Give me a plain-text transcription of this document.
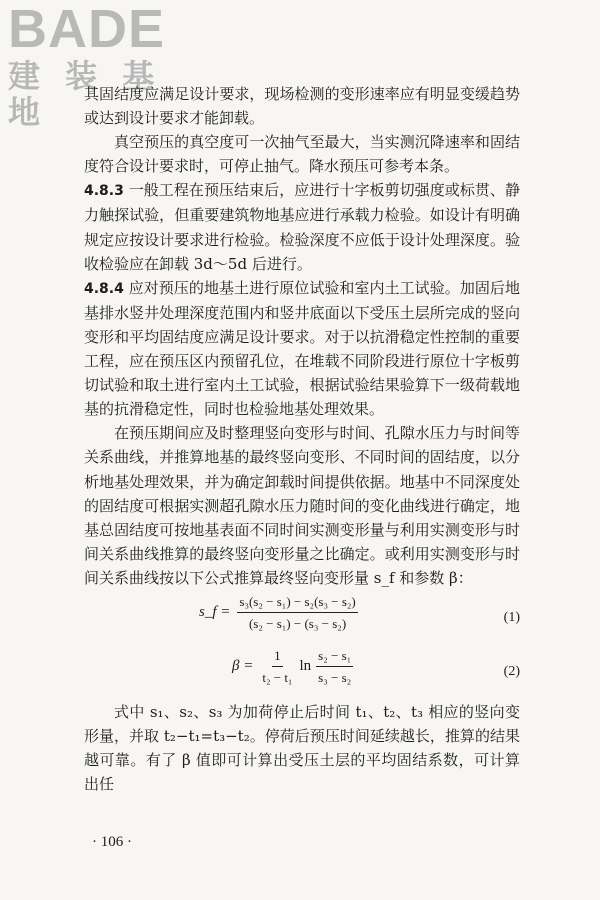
BADE
建 装 基 地	其固结度应满足设计要求，现场检测的变形速率应有明显变缓趋势或达到设计要求才能卸载。

真空预压的真空度可一次抽气至最大，当实测沉降速率和固结度符合设计要求时，可停止抽气。降水预压可参考本条。

4.8.3 一般工程在预压结束后，应进行十字板剪切强度或标贯、静力触探试验，但重要建筑物地基应进行承载力检验。如设计有明确规定应按设计要求进行检验。检验深度不应低于设计处理深度。验收检验应在卸载 3d～5d 后进行。

4.8.4 应对预压的地基土进行原位试验和室内土工试验。加固后地基排水竖井处理深度范围内和竖井底面以下受压土层所完成的竖向变形和平均固结度应满足设计要求。对于以抗滑稳定性控制的重要工程，应在预压区内预留孔位，在堆载不同阶段进行原位十字板剪切试验和取土进行室内土工试验，根据试验结果验算下一级荷载地基的抗滑稳定性，同时也检验地基处理效果。

在预压期间应及时整理竖向变形与时间、孔隙水压力与时间等关系曲线，并推算地基的最终竖向变形、不同时间的固结度，以分析地基处理效果，并为确定卸载时间提供依据。地基中不同深度处的固结度可根据实测超孔隙水压力随时间的变化曲线进行确定，地基总固结度可按地基表面不同时间实测变形量与利用实测变形与时间关系曲线推算的最终竖向变形量之比确定。或利用实测变形与时间关系曲线按以下公式推算最终竖向变形量 s_f 和参数 β：

s_f = $\frac{\text{s₃(s₂ − s₁) − s₂(s₃ − s₂)}}{\text{(s₂ − s₁) − (s₃ − s₂)}}$	(1)
$\beta = \frac{1}{\text{t₂ − t₁}}$ $\ln \frac{\text{s₂ − s₁}}{\text{s₃ − s₂}}$	(2)

式中 s₁、s₂、s₃ 为加荷停止后时间 t₁、t₂、t₃ 相应的竖向变形量，并取 t₂−t₁=t₃−t₂。停荷后预压时间延续越长，推算的结果越可靠。有了 β 值即可计算出受压土层的平均固结系数，可计算出任

· 106 ·
